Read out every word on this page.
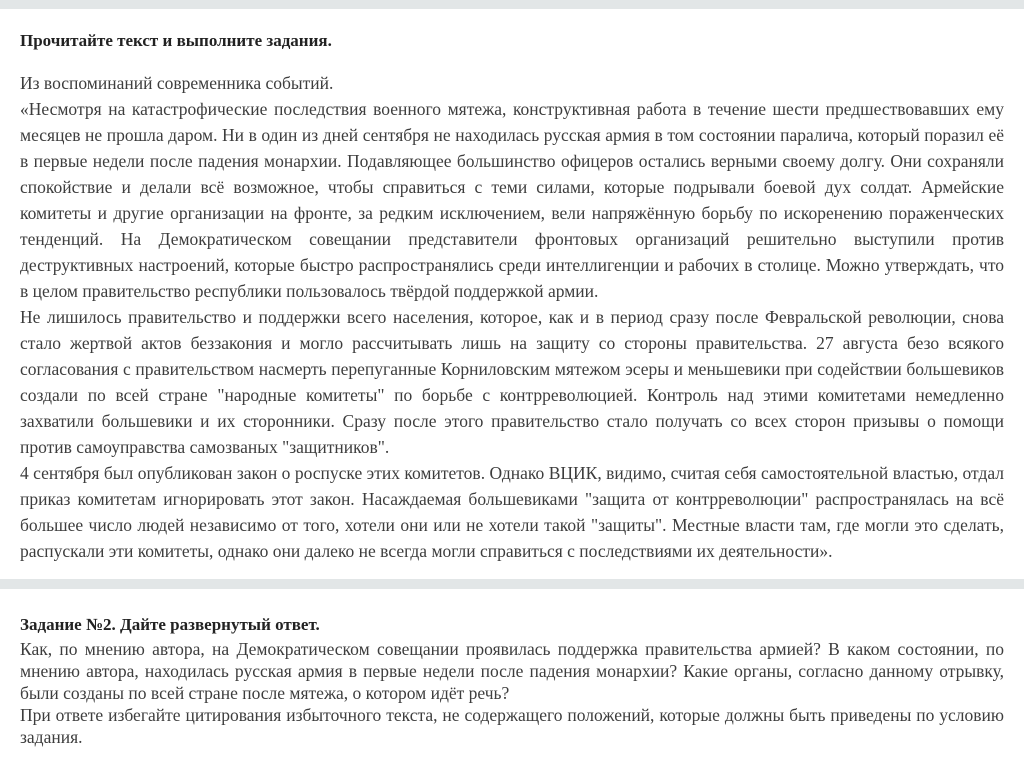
Прочитайте текст и выполните задания.

Из воспоминаний современника событий.

«Несмотря на катастрофические последствия военного мятежа, конструктивная работа в течение шести предшествовавших ему месяцев не прошла даром. Ни в один из дней сентября не находилась русская армия в том состоянии паралича, который поразил её в первые недели после падения монархии. Подавляющее большинство офицеров остались верными своему долгу. Они сохраняли спокойствие и делали всё возможное, чтобы справиться с теми силами, которые подрывали боевой дух солдат. Армейские комитеты и другие организации на фронте, за редким исключением, вели напряжённую борьбу по искоренению пораженческих тенденций. На Демократическом совещании представители фронтовых организаций решительно выступили против деструктивных настроений, которые быстро распространялись среди интеллигенции и рабочих в столице. Можно утверждать, что в целом правительство республики пользовалось твёрдой поддержкой армии.

Не лишилось правительство и поддержки всего населения, которое, как и в период сразу после Февральской революции, снова стало жертвой актов беззакония и могло рассчитывать лишь на защиту со стороны правительства. 27 августа безо всякого согласования с правительством насмерть перепуганные Корниловским мятежом эсеры и меньшевики при содействии большевиков создали по всей стране "народные комитеты" по борьбе с контрреволюцией. Контроль над этими комитетами немедленно захватили большевики и их сторонники. Сразу после этого правительство стало получать со всех сторон призывы о помощи против самоуправства самозваных "защитников".

4 сентября был опубликован закон о роспуске этих комитетов. Однако ВЦИК, видимо, считая себя самостоятельной властью, отдал приказ комитетам игнорировать этот закон. Насаждаемая большевиками "защита от контрреволюции" распространялась на всё большее число людей независимо от того, хотели они или не хотели такой "защиты". Местные власти там, где могли это сделать, распускали эти комитеты, однако они далеко не всегда могли справиться с последствиями их деятельности».

Задание №2. Дайте развернутый ответ.

Как, по мнению автора, на Демократическом совещании проявилась поддержка правительства армией? В каком состоянии, по мнению автора, находилась русская армия в первые недели после падения монархии? Какие органы, согласно данному отрывку, были созданы по всей стране после мятежа, о котором идёт речь?

При ответе избегайте цитирования избыточного текста, не содержащего положений, которые должны быть приведены по условию задания.
